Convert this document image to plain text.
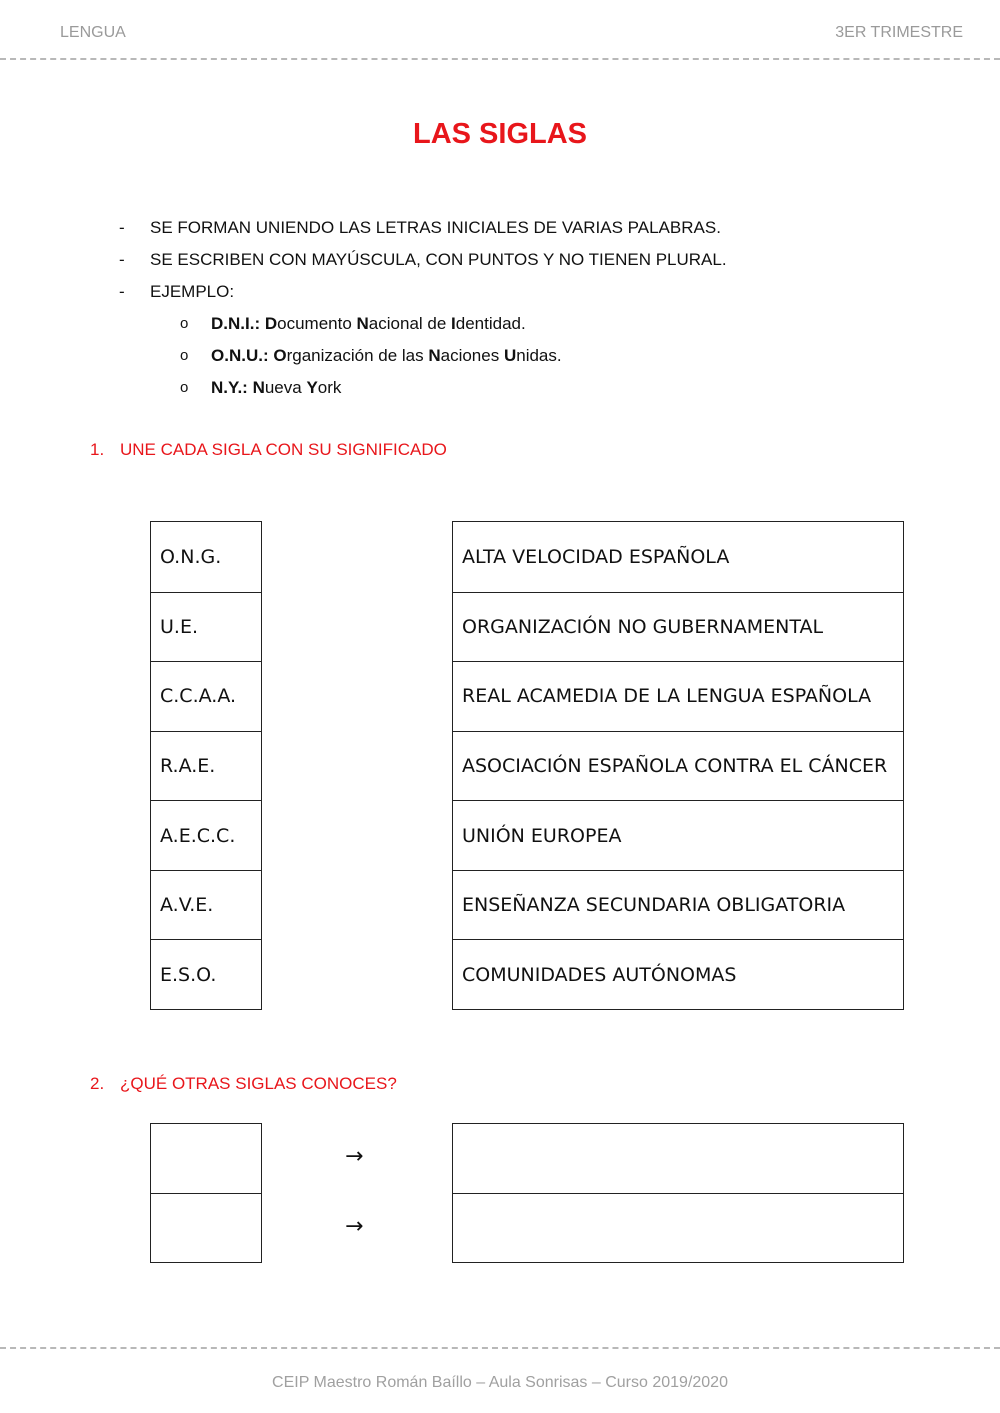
LENGUA	3ER TRIMESTRE
LAS SIGLAS
- SE FORMAN UNIENDO LAS LETRAS INICIALES DE VARIAS PALABRAS.
- SE ESCRIBEN CON MAYÚSCULA, CON PUNTOS Y NO TIENEN PLURAL.
- EJEMPLO:
o D.N.I.: Documento Nacional de Identidad.
o O.N.U.: Organización de las Naciones Unidas.
o N.Y.: Nueva York
1. UNE CADA SIGLA CON SU SIGNIFICADO
O.N.G.
U.E.
C.C.A.A.
R.A.E.
A.E.C.C.
A.V.E.
E.S.O.
ALTA VELOCIDAD ESPAÑOLA
ORGANIZACIÓN NO GUBERNAMENTAL
REAL ACAMEDIA DE LA LENGUA ESPAÑOLA
ASOCIACIÓN ESPAÑOLA CONTRA EL CÁNCER
UNIÓN EUROPEA
ENSEÑANZA SECUNDARIA OBLIGATORIA
COMUNIDADES AUTÓNOMAS
2. ¿QUÉ OTRAS SIGLAS CONOCES?
→
→
CEIP Maestro Román Baíllo – Aula Sonrisas – Curso 2019/2020
